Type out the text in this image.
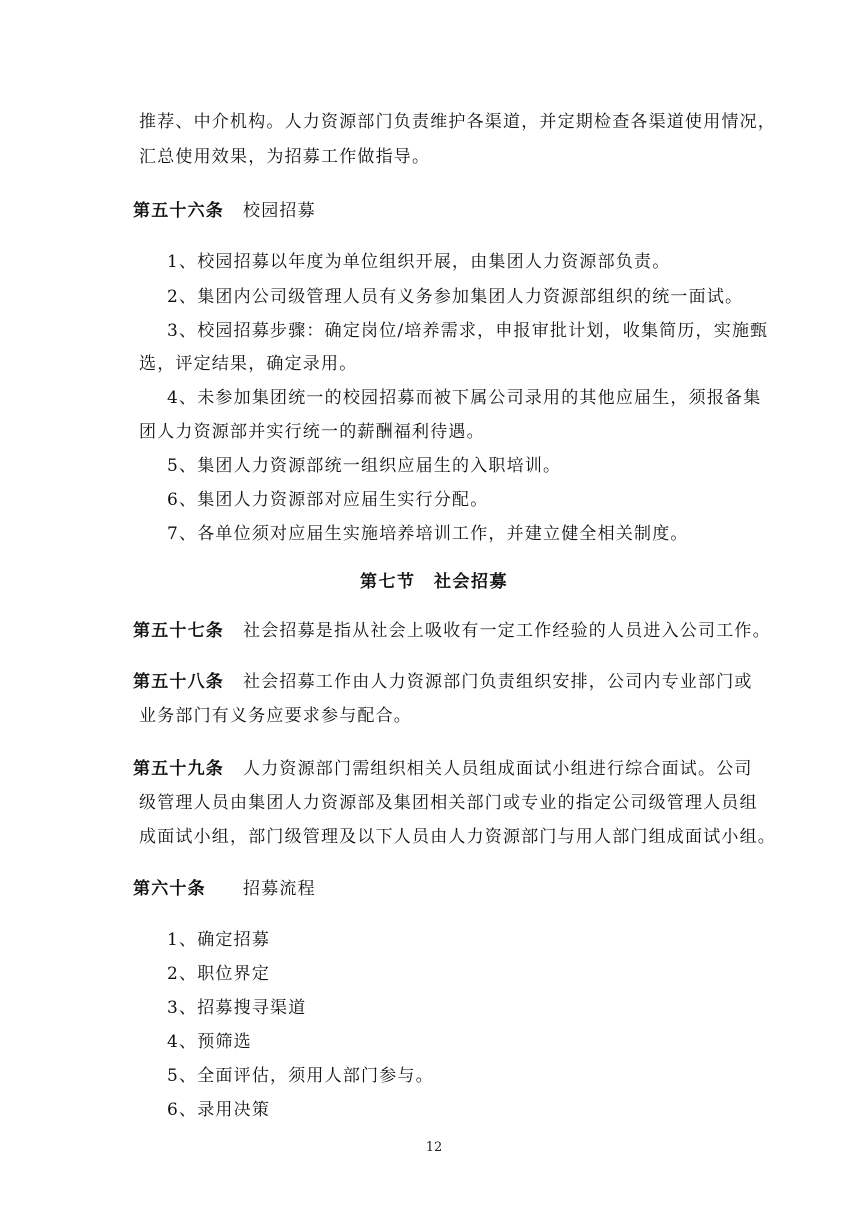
推荐、中介机构。人力资源部门负责维护各渠道，并定期检查各渠道使用情况，
汇总使用效果，为招募工作做指导。
第五十六条 校园招募
1、校园招募以年度为单位组织开展，由集团人力资源部负责。
2、集团内公司级管理人员有义务参加集团人力资源部组织的统一面试。
3、校园招募步骤：确定岗位/培养需求，申报审批计划，收集简历，实施甄
选，评定结果，确定录用。
4、未参加集团统一的校园招募而被下属公司录用的其他应届生，须报备集
团人力资源部并实行统一的薪酬福利待遇。
5、集团人力资源部统一组织应届生的入职培训。
6、集团人力资源部对应届生实行分配。
7、各单位须对应届生实施培养培训工作，并建立健全相关制度。
第七节　社会招募
第五十七条 社会招募是指从社会上吸收有一定工作经验的人员进入公司工作。
第五十八条 社会招募工作由人力资源部门负责组织安排，公司内专业部门或
业务部门有义务应要求参与配合。
第五十九条 人力资源部门需组织相关人员组成面试小组进行综合面试。公司
级管理人员由集团人力资源部及集团相关部门或专业的指定公司级管理人员组
成面试小组，部门级管理及以下人员由人力资源部门与用人部门组成面试小组。
第六十条 招募流程
1、确定招募
2、职位界定
3、招募搜寻渠道
4、预筛选
5、全面评估，须用人部门参与。
6、录用决策
12
